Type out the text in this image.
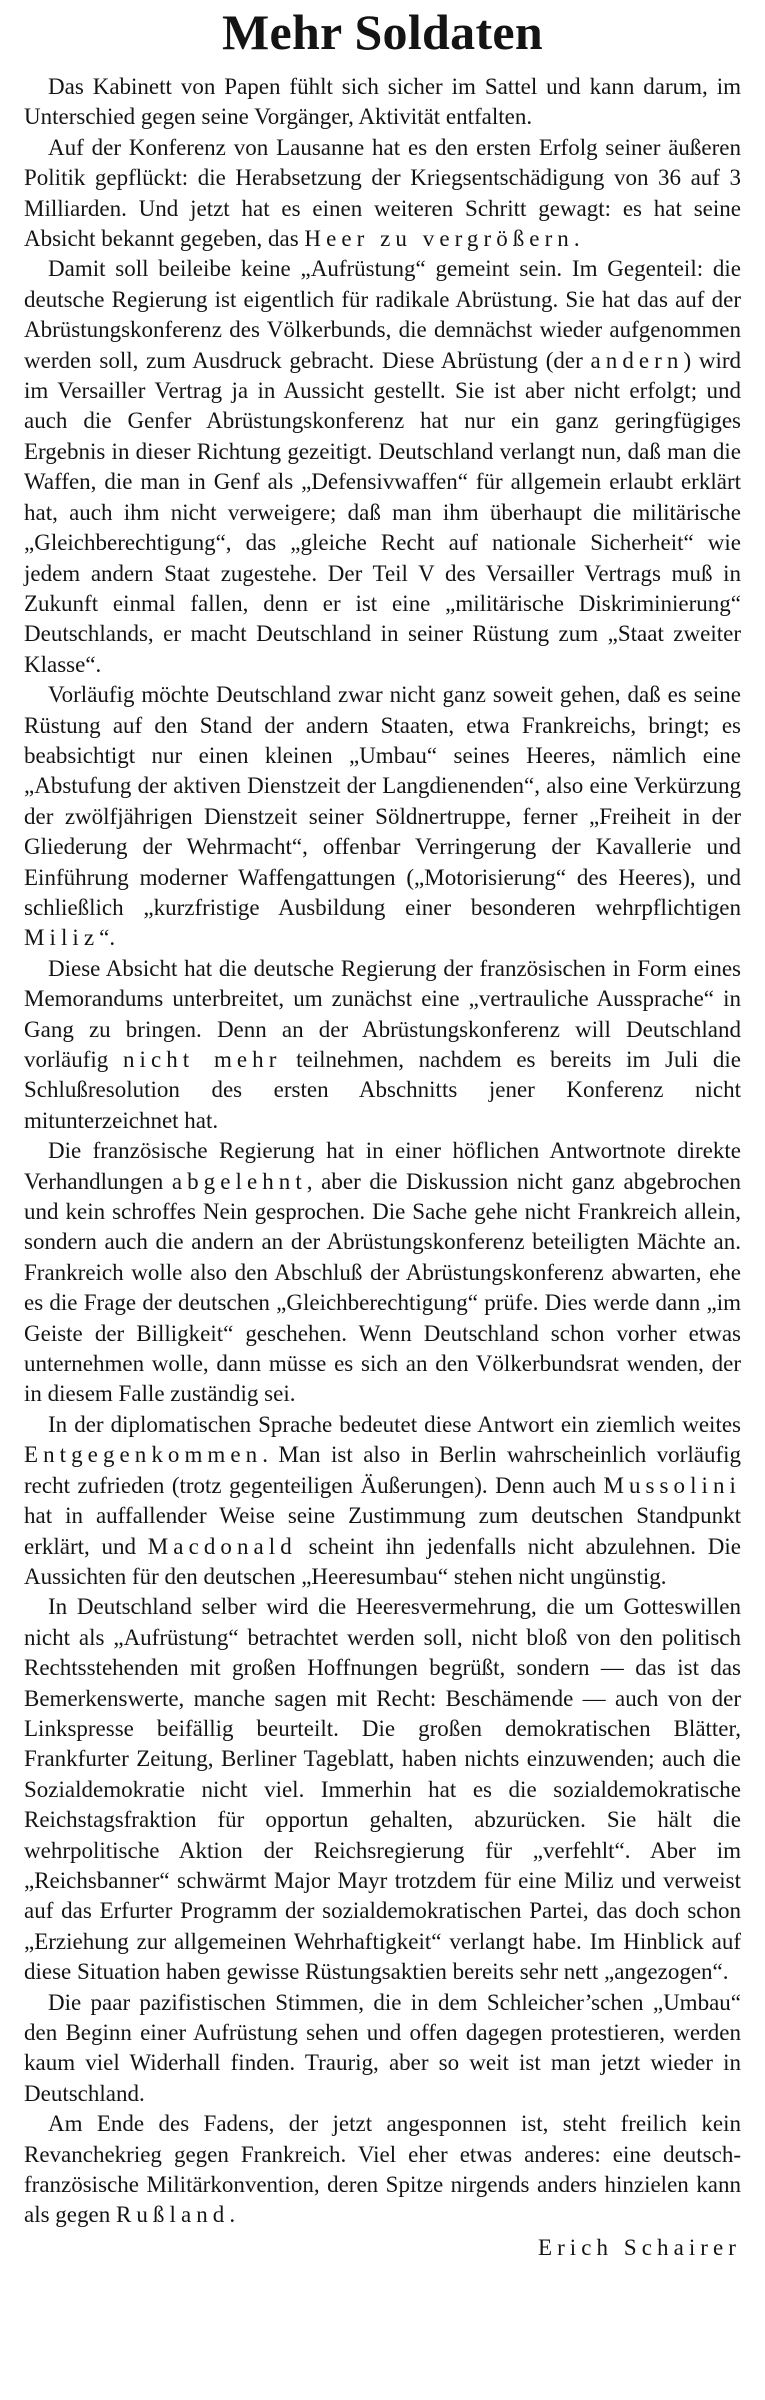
Mehr Soldaten

Das Kabinett von Papen fühlt sich sicher im Sattel und kann darum, im Unterschied gegen seine Vorgänger, Aktivität entfalten.

Auf der Konferenz von Lausanne hat es den ersten Erfolg seiner äußeren Politik gepflückt: die Herabsetzung der Kriegsentschädigung von 36 auf 3 Milliarden. Und jetzt hat es einen weiteren Schritt gewagt: es hat seine Absicht bekannt gegeben, das Heer zu vergrößern.

Damit soll beileibe keine „Aufrüstung“ gemeint sein. Im Gegenteil: die deutsche Regierung ist eigentlich für radikale Abrüstung. Sie hat das auf der Abrüstungskonferenz des Völkerbunds, die demnächst wieder aufgenommen werden soll, zum Ausdruck gebracht. Diese Abrüstung (der andern) wird im Versailler Vertrag ja in Aussicht gestellt. Sie ist aber nicht erfolgt; und auch die Genfer Abrüstungskonferenz hat nur ein ganz geringfügiges Ergebnis in dieser Richtung gezeitigt. Deutschland verlangt nun, daß man die Waffen, die man in Genf als „Defensivwaffen“ für allgemein erlaubt erklärt hat, auch ihm nicht verweigere; daß man ihm überhaupt die militärische „Gleichberechtigung“, das „gleiche Recht auf nationale Sicherheit“ wie jedem andern Staat zugestehe. Der Teil V des Versailler Vertrags muß in Zukunft einmal fallen, denn er ist eine „militärische Diskriminierung“ Deutschlands, er macht Deutschland in seiner Rüstung zum „Staat zweiter Klasse“.

Vorläufig möchte Deutschland zwar nicht ganz soweit gehen, daß es seine Rüstung auf den Stand der andern Staaten, etwa Frankreichs, bringt; es beabsichtigt nur einen kleinen „Umbau“ seines Heeres, nämlich eine „Abstufung der aktiven Dienstzeit der Langdienenden“, also eine Verkürzung der zwölfjährigen Dienstzeit seiner Söldnertruppe, ferner „Freiheit in der Gliederung der Wehrmacht“, offenbar Verringerung der Kavallerie und Einführung moderner Waffengattungen („Motorisierung“ des Heeres), und schließlich „kurzfristige Ausbildung einer besonderen wehrpflichtigen Miliz“.

Diese Absicht hat die deutsche Regierung der französischen in Form eines Memorandums unterbreitet, um zunächst eine „vertrauliche Aussprache“ in Gang zu bringen. Denn an der Abrüstungskonferenz will Deutschland vorläufig nicht mehr teilnehmen, nachdem es bereits im Juli die Schlußresolution des ersten Abschnitts jener Konferenz nicht mitunterzeichnet hat.

Die französische Regierung hat in einer höflichen Antwortnote direkte Verhandlungen abgelehnt, aber die Diskussion nicht ganz abgebrochen und kein schroffes Nein gesprochen. Die Sache gehe nicht Frankreich allein, sondern auch die andern an der Abrüstungskonferenz beteiligten Mächte an. Frankreich wolle also den Abschluß der Abrüstungskonferenz abwarten, ehe es die Frage der deutschen „Gleichberechtigung“ prüfe. Dies werde dann „im Geiste der Billigkeit“ geschehen. Wenn Deutschland schon vorher etwas unternehmen wolle, dann müsse es sich an den Völkerbundsrat wenden, der in diesem Falle zuständig sei.

In der diplomatischen Sprache bedeutet diese Antwort ein ziemlich weites Entgegenkommen. Man ist also in Berlin wahrscheinlich vorläufig recht zufrieden (trotz gegenteiligen Äußerungen). Denn auch Mussolini hat in auffallender Weise seine Zustimmung zum deutschen Standpunkt erklärt, und Macdonald scheint ihn jedenfalls nicht abzulehnen. Die Aussichten für den deutschen „Heeresumbau“ stehen nicht ungünstig.

In Deutschland selber wird die Heeresvermehrung, die um Gotteswillen nicht als „Aufrüstung“ betrachtet werden soll, nicht bloß von den politisch Rechtsstehenden mit großen Hoffnungen begrüßt, sondern — das ist das Bemerkenswerte, manche sagen mit Recht: Beschämende — auch von der Linkspresse beifällig beurteilt. Die großen demokratischen Blätter, Frankfurter Zeitung, Berliner Tageblatt, haben nichts einzuwenden; auch die Sozialdemokratie nicht viel. Immerhin hat es die sozialdemokratische Reichstagsfraktion für opportun gehalten, abzurücken. Sie hält die wehrpolitische Aktion der Reichsregierung für „verfehlt“. Aber im „Reichsbanner“ schwärmt Major Mayr trotzdem für eine Miliz und verweist auf das Erfurter Programm der sozialdemokratischen Partei, das doch schon „Erziehung zur allgemeinen Wehrhaftigkeit“ verlangt habe. Im Hinblick auf diese Situation haben gewisse Rüstungsaktien bereits sehr nett „angezogen“.

Die paar pazifistischen Stimmen, die in dem Schleicher’schen „Umbau“ den Beginn einer Aufrüstung sehen und offen dagegen protestieren, werden kaum viel Widerhall finden. Traurig, aber so weit ist man jetzt wieder in Deutschland.

Am Ende des Fadens, der jetzt angesponnen ist, steht freilich kein Revanchekrieg gegen Frankreich. Viel eher etwas anderes: eine deutsch-französische Militärkonvention, deren Spitze nirgends anders hinzielen kann als gegen Rußland.

Erich Schairer
